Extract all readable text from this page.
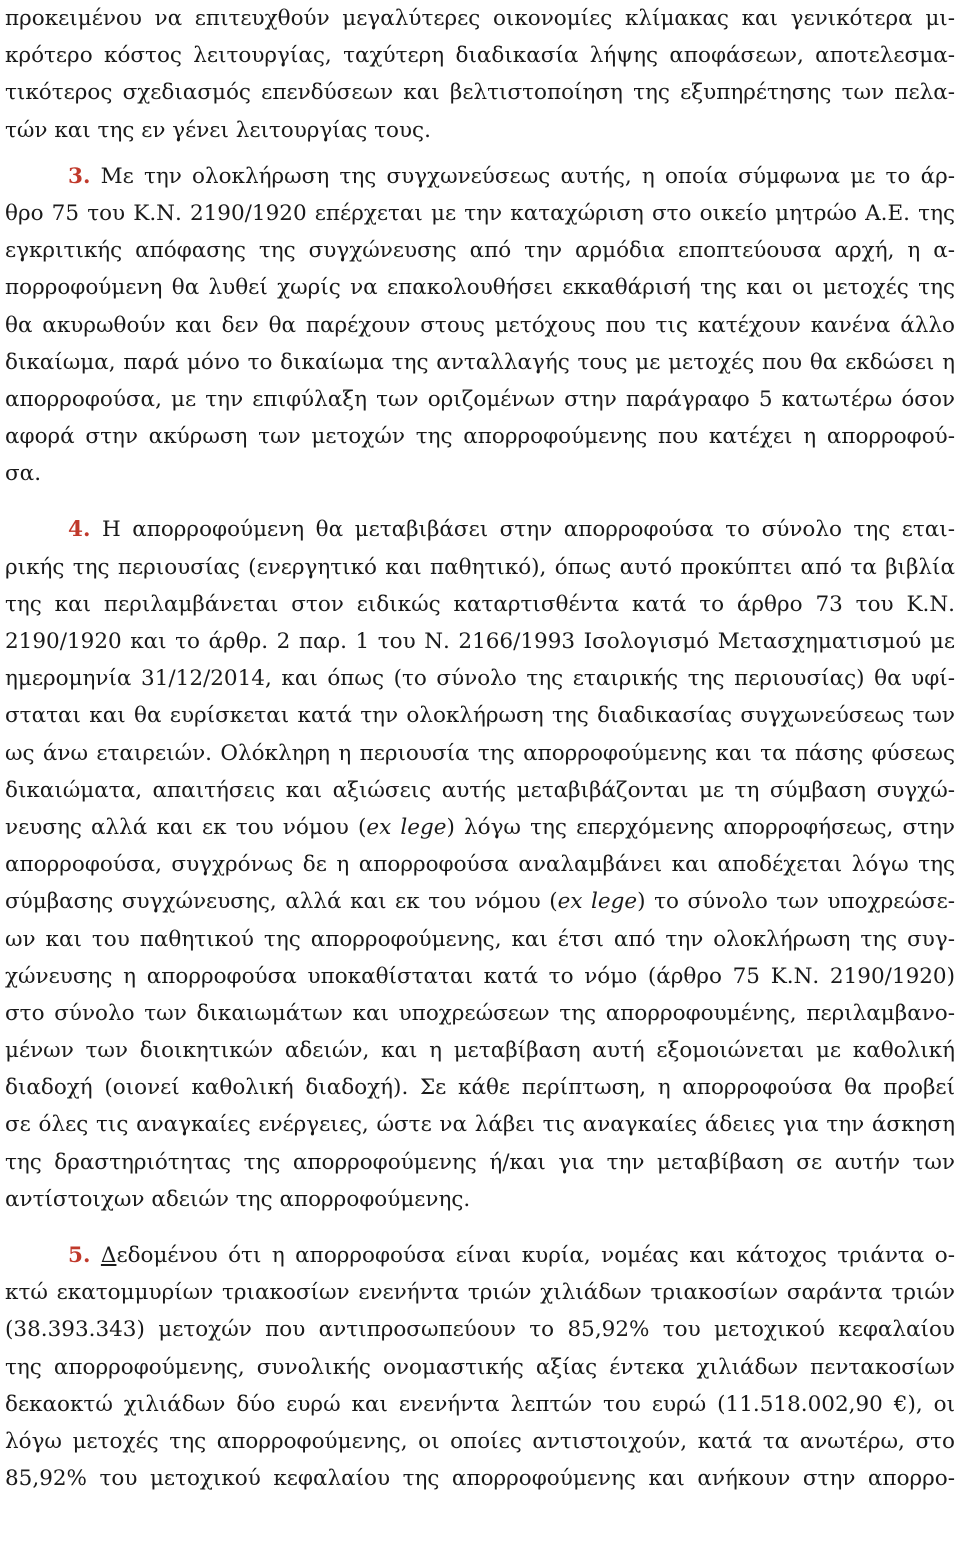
προκειμένου να επιτευχθούν μεγαλύτερες οικονομίες κλίμακας και γενικότερα μι-
κρότερο κόστος λειτουργίας, ταχύτερη διαδικασία λήψης αποφάσεων, αποτελεσμα-
τικότερος σχεδιασμός επενδύσεων και βελτιστοποίηση της εξυπηρέτησης των πελα-
τών και της εν γένει λειτουργίας τους.
3. Με την ολοκλήρωση της συγχωνεύσεως αυτής, η οποία σύμφωνα με το άρ-
θρο 75 του Κ.Ν. 2190/1920 επέρχεται με την καταχώριση στο οικείο μητρώο Α.Ε. της
εγκριτικής απόφασης της συγχώνευσης από την αρμόδια εποπτεύουσα αρχή, η α-
πορροφούμενη θα λυθεί χωρίς να επακολουθήσει εκκαθάρισή της και οι μετοχές της
θα ακυρωθούν και δεν θα παρέχουν στους μετόχους που τις κατέχουν κανένα άλλο
δικαίωμα, παρά μόνο το δικαίωμα της ανταλλαγής τους με μετοχές που θα εκδώσει η
απορροφούσα, με την επιφύλαξη των οριζομένων στην παράγραφο 5 κατωτέρω όσον
αφορά στην ακύρωση των μετοχών της απορροφούμενης που κατέχει η απορροφού-
σα.
4. Η απορροφούμενη θα μεταβιβάσει στην απορροφούσα το σύνολο της εται-
ρικής της περιουσίας (ενεργητικό και παθητικό), όπως αυτό προκύπτει από τα βιβλία
της και περιλαμβάνεται στον ειδικώς καταρτισθέντα κατά το άρθρο 73 του Κ.Ν.
2190/1920 και το άρθρ. 2 παρ. 1 του Ν. 2166/1993 Ισολογισμό Μετασχηματισμού με
ημερομηνία 31/12/2014, και όπως (το σύνολο της εταιρικής της περιουσίας) θα υφί-
σταται και θα ευρίσκεται κατά την ολοκλήρωση της διαδικασίας συγχωνεύσεως των
ως άνω εταιρειών. Ολόκληρη η περιουσία της απορροφούμενης και τα πάσης φύσεως
δικαιώματα, απαιτήσεις και αξιώσεις αυτής μεταβιβάζονται με τη σύμβαση συγχώ-
νευσης αλλά και εκ του νόμου (ex lege) λόγω της επερχόμενης απορροφήσεως, στην
απορροφούσα, συγχρόνως δε η απορροφούσα αναλαμβάνει και αποδέχεται λόγω της
σύμβασης συγχώνευσης, αλλά και εκ του νόμου (ex lege) το σύνολο των υποχρεώσε-
ων και του παθητικού της απορροφούμενης, και έτσι από την ολοκλήρωση της συγ-
χώνευσης η απορροφούσα υποκαθίσταται κατά το νόμο (άρθρο 75 Κ.Ν. 2190/1920)
στο σύνολο των δικαιωμάτων και υποχρεώσεων της απορροφουμένης, περιλαμβανο-
μένων των διοικητικών αδειών, και η μεταβίβαση αυτή εξομοιώνεται με καθολική
διαδοχή (οιονεί καθολική διαδοχή). Σε κάθε περίπτωση, η απορροφούσα θα προβεί
σε όλες τις αναγκαίες ενέργειες, ώστε να λάβει τις αναγκαίες άδειες για την άσκηση
της δραστηριότητας της απορροφούμενης ή/και για την μεταβίβαση σε αυτήν των
αντίστοιχων αδειών της απορροφούμενης.
5. Δεδομένου ότι η απορροφούσα είναι κυρία, νομέας και κάτοχος τριάντα ο-
κτώ εκατομμυρίων τριακοσίων ενενήντα τριών χιλιάδων τριακοσίων σαράντα τριών
(38.393.343) μετοχών που αντιπροσωπεύουν το 85,92% του μετοχικού κεφαλαίου
της απορροφούμενης, συνολικής ονομαστικής αξίας έντεκα χιλιάδων πεντακοσίων
δεκαοκτώ χιλιάδων δύο ευρώ και ενενήντα λεπτών του ευρώ (11.518.002,90 €), οι
λόγω μετοχές της απορροφούμενης, οι οποίες αντιστοιχούν, κατά τα ανωτέρω, στο
85,92% του μετοχικού κεφαλαίου της απορροφούμενης και ανήκουν στην απορρο-
